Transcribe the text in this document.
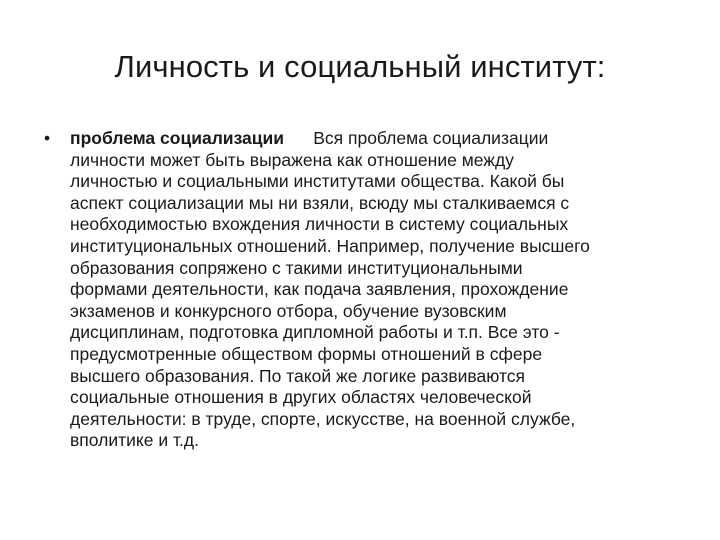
Личность и социальный институт:

•	проблема социализации Вся проблема социализации
личности может быть выражена как отношение между
личностью и социальными институтами общества. Какой бы
аспект социализации мы ни взяли, всюду мы сталкиваемся с
необходимостью вхождения личности в систему социальных
институциональных отношений. Например, получение высшего
образования сопряжено с такими институциональными
формами деятельности, как подача заявления, прохождение
экзаменов и конкурсного отбора, обучение вузовским
дисциплинам, подготовка дипломной работы и т.п. Все это -
предусмотренные обществом формы отношений в сфере
высшего образования. По такой же логике развиваются
социальные отношения в других областях человеческой
деятельности: в труде, спорте, искусстве, на военной службе,
вполитике и т.д.
